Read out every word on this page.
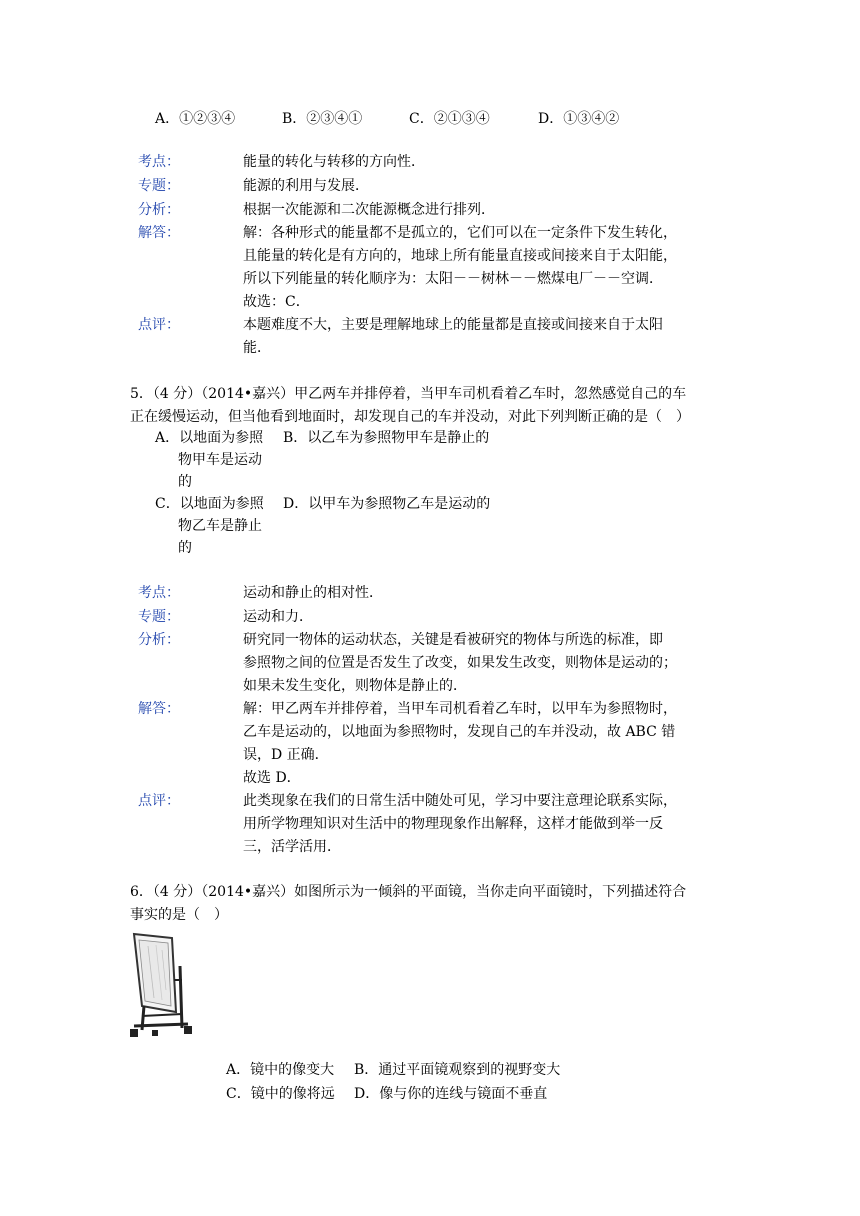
A．①②③④	B．②③④①	C．②①③④	D．①③④②
考点：	能量的转化与转移的方向性．
专题：	能源的利用与发展．
分析：	根据一次能源和二次能源概念进行排列．
解答：	解：各种形式的能量都不是孤立的，它们可以在一定条件下发生转化，
且能量的转化是有方向的，地球上所有能量直接或间接来自于太阳能，
所以下列能量的转化顺序为：太阳－－树林－－燃煤电厂－－空调．
故选：C．
点评：	本题难度不大，主要是理解地球上的能量都是直接或间接来自于太阳
能．
5．（4 分）（2014•嘉兴）甲乙两车并排停着，当甲车司机看着乙车时，忽然感觉自己的车
正在缓慢运动，但当他看到地面时，却发现自己的车并没动，对此下列判断正确的是（　）
A．以地面为参照
物甲车是运动
的
B．以乙车为参照物甲车是静止的
C．以地面为参照
物乙车是静止
的
D．以甲车为参照物乙车是运动的
考点：	运动和静止的相对性．
专题：	运动和力．
分析：	研究同一物体的运动状态，关键是看被研究的物体与所选的标准，即
参照物之间的位置是否发生了改变，如果发生改变，则物体是运动的；
如果未发生变化，则物体是静止的．
解答：	解：甲乙两车并排停着，当甲车司机看着乙车时，以甲车为参照物时，
乙车是运动的，以地面为参照物时，发现自己的车并没动，故 ABC 错
误，D 正确．
故选 D．
点评：	此类现象在我们的日常生活中随处可见，学习中要注意理论联系实际，
用所学物理知识对生活中的物理现象作出解释，这样才能做到举一反
三，活学活用．
6．（4 分）（2014•嘉兴）如图所示为一倾斜的平面镜，当你走向平面镜时，下列描述符合
事实的是（　）
A．镜中的像变大 B．通过平面镜观察到的视野变大
C．镜中的像将远 D．像与你的连线与镜面不垂直
